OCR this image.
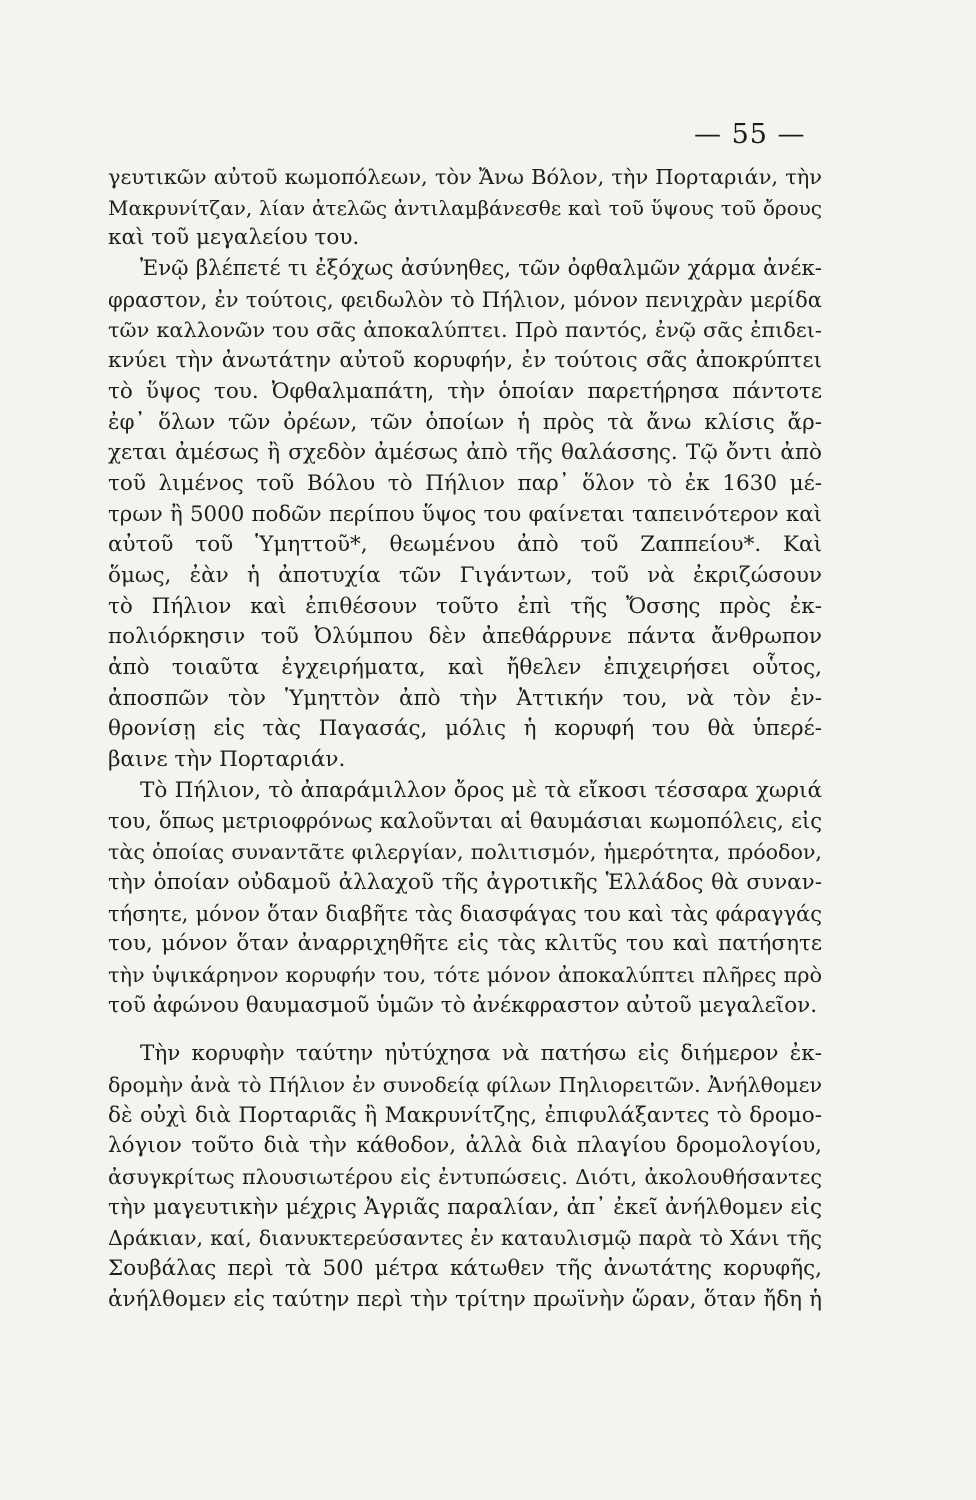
— 55 —
γευτικῶν αὐτοῦ κωμοπόλεων, τὸν Ἄνω Βόλον, τὴν Πορταριάν, τὴν
Μακρυνίτζαν, λίαν ἀτελῶς ἀντιλαμβάνεσθε καὶ τοῦ ὕψους τοῦ ὄρους
καὶ τοῦ μεγαλείου του.
Ἐνῷ βλέπετέ τι ἐξόχως ἀσύνηθες, τῶν ὀφθαλμῶν χάρμα ἀνέκ-
φραστον, ἐν τούτοις, φειδωλὸν τὸ Πήλιον, μόνον πενιχρὰν μερίδα
τῶν καλλονῶν του σᾶς ἀποκαλύπτει. Πρὸ παντός, ἐνῷ σᾶς ἐπιδει-
κνύει τὴν ἀνωτάτην αὐτοῦ κορυφήν, ἐν τούτοις σᾶς ἀποκρύπτει
τὸ ὕψος του. Ὀφθαλμαπάτη, τὴν ὁποίαν παρετήρησα πάντοτε
ἐφ᾽ ὅλων τῶν ὀρέων, τῶν ὁποίων ἡ πρὸς τὰ ἄνω κλίσις ἄρ-
χεται ἀμέσως ἢ σχεδὸν ἀμέσως ἀπὸ τῆς θαλάσσης. Τῷ ὄντι ἀπὸ
τοῦ λιμένος τοῦ Βόλου τὸ Πήλιον παρ᾽ ὅλον τὸ ἐκ 1630 μέ-
τρων ἢ 5000 ποδῶν περίπου ὕψος του φαίνεται ταπεινότερον καὶ
αὐτοῦ τοῦ Ὑμηττοῦ*, θεωμένου ἀπὸ τοῦ Ζαππείου*. Καὶ
ὅμως, ἐὰν ἡ ἀποτυχία τῶν Γιγάντων, τοῦ νὰ ἐκριζώσουν
τὸ Πήλιον καὶ ἐπιθέσουν τοῦτο ἐπὶ τῆς Ὄσσης πρὸς ἐκ-
πολιόρκησιν τοῦ Ὀλύμπου δὲν ἀπεθάρρυνε πάντα ἄνθρωπον
ἀπὸ τοιαῦτα ἐγχειρήματα, καὶ ἤθελεν ἐπιχειρήσει οὗτος,
ἀποσπῶν τὸν Ὑμηττὸν ἀπὸ τὴν Ἀττικήν του, νὰ τὸν ἐν-
θρονίσῃ εἰς τὰς Παγασάς, μόλις ἡ κορυφή του θὰ ὑπερέ-
βαινε τὴν Πορταριάν.
Τὸ Πήλιον, τὸ ἀπαράμιλλον ὄρος μὲ τὰ εἴκοσι τέσσαρα χωριά
του, ὅπως μετριοφρόνως καλοῦνται αἱ θαυμάσιαι κωμοπόλεις, εἰς
τὰς ὁποίας συναντᾶτε φιλεργίαν, πολιτισμόν, ἡμερότητα, πρόοδον,
τὴν ὁποίαν οὐδαμοῦ ἀλλαχοῦ τῆς ἀγροτικῆς Ἑλλάδος θὰ συναν-
τήσητε, μόνον ὅταν διαβῆτε τὰς διασφάγας του καὶ τὰς φάραγγάς
του, μόνον ὅταν ἀναρριχηθῆτε εἰς τὰς κλιτῦς του καὶ πατήσητε
τὴν ὑψικάρηνον κορυφήν του, τότε μόνον ἀποκαλύπτει πλῆρες πρὸ
τοῦ ἀφώνου θαυμασμοῦ ὑμῶν τὸ ἀνέκφραστον αὐτοῦ μεγαλεῖον.
Τὴν κορυφὴν ταύτην ηὐτύχησα νὰ πατήσω εἰς διήμερον ἐκ-
δρομὴν ἀνὰ τὸ Πήλιον ἐν συνοδείᾳ φίλων Πηλιορειτῶν. Ἀνήλθομεν
δὲ οὐχὶ διὰ Πορταριᾶς ἢ Μακρυνίτζης, ἐπιφυλάξαντες τὸ δρομο-
λόγιον τοῦτο διὰ τὴν κάθοδον, ἀλλὰ διὰ πλαγίου δρομολογίου,
ἀσυγκρίτως πλουσιωτέρου εἰς ἐντυπώσεις. Διότι, ἀκολουθήσαντες
τὴν μαγευτικὴν μέχρις Ἀγριᾶς παραλίαν, ἀπ᾽ ἐκεῖ ἀνήλθομεν εἰς
Δράκιαν, καί, διανυκτερεύσαντες ἐν καταυλισμῷ παρὰ τὸ Χάνι τῆς
Σουβάλας περὶ τὰ 500 μέτρα κάτωθεν τῆς ἀνωτάτης κορυφῆς,
ἀνήλθομεν εἰς ταύτην περὶ τὴν τρίτην πρωϊνὴν ὥραν, ὅταν ἤδη ἡ
